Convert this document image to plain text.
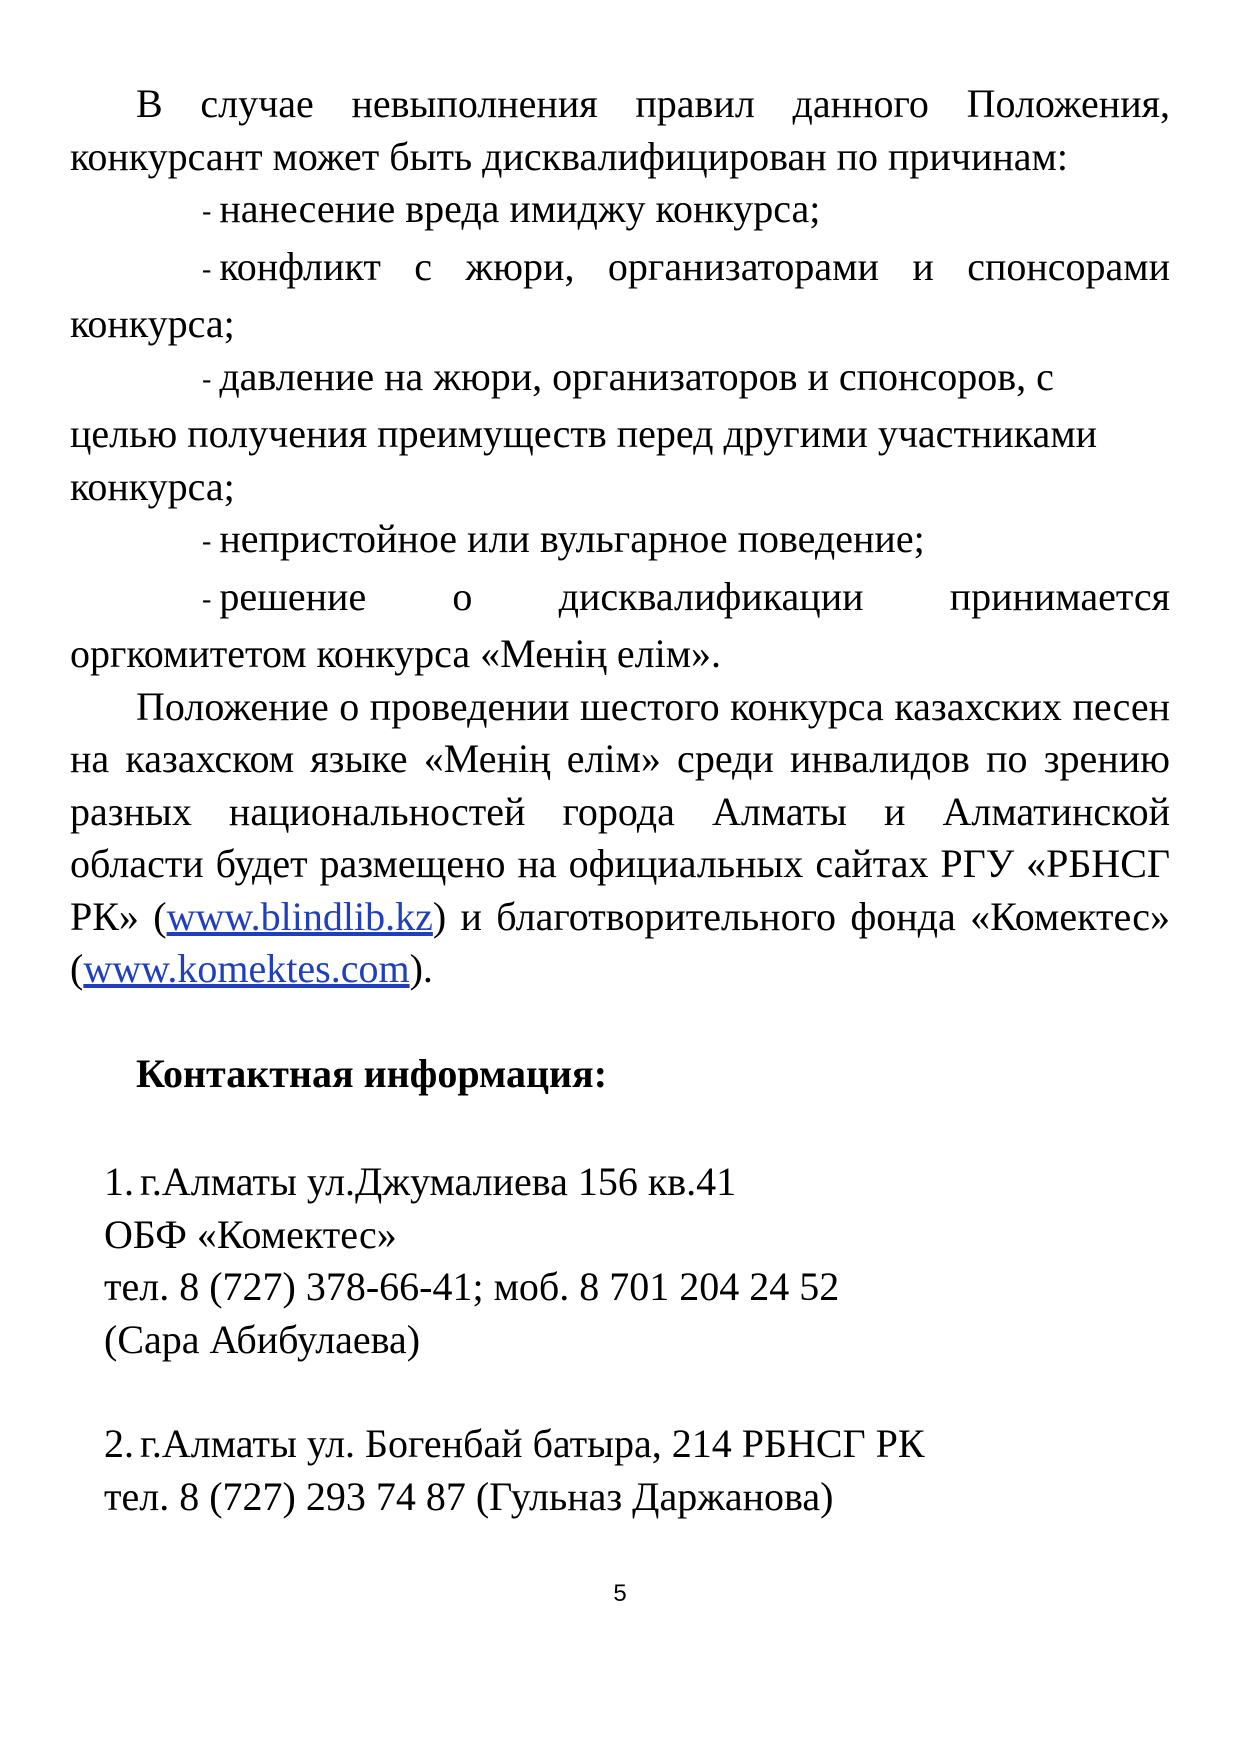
В случае невыполнения правил данного Положения, конкурсант может быть дисквалифицирован по причинам:

- нанесение вреда имиджу конкурса;

- конфликт с жюри, организаторами и спонсорами конкурса;

- давление на жюри, организаторов и спонсоров, с целью получения преимуществ перед другими участниками конкурса;

- непристойное или вульгарное поведение;

- решение о дисквалификации принимается оргкомитетом конкурса «Менің елім».

Положение о проведении шестого конкурса казахских песен на казахском языке «Менің елім» среди инвалидов по зрению разных национальностей города Алматы и Алматинской области будет размещено на официальных сайтах РГУ «РБНСГ РК» (www.blindlib.kz) и благотворительного фонда «Комектес» (www.komektes.com).

Контактная информация:

1. г.Алматы ул.Джумалиева 156 кв.41
ОБФ «Комектес»
тел. 8 (727) 378-66-41; моб. 8 701 204 24 52
(Сара Абибулаева)
2. г.Алматы ул. Богенбай батыра, 214 РБНСГ РК
тел. 8 (727) 293 74 87 (Гульназ Даржанова)
5
